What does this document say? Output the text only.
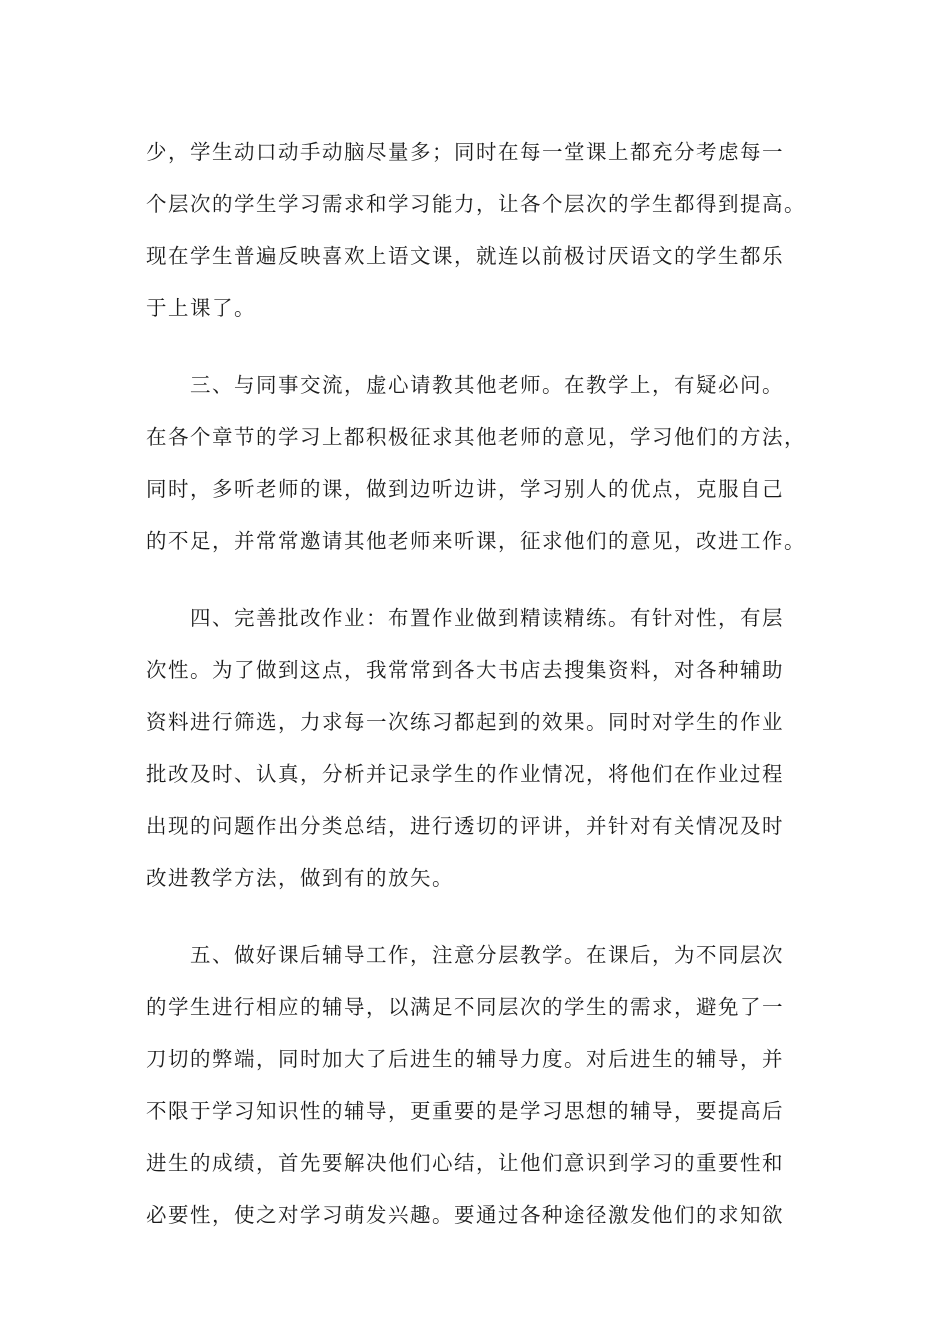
少，学生动口动手动脑尽量多；同时在每一堂课上都充分考虑每一
个层次的学生学习需求和学习能力，让各个层次的学生都得到提高。
现在学生普遍反映喜欢上语文课，就连以前极讨厌语文的学生都乐
于上课了。
三、与同事交流，虚心请教其他老师。在教学上，有疑必问。
在各个章节的学习上都积极征求其他老师的意见，学习他们的方法，
同时，多听老师的课，做到边听边讲，学习别人的优点，克服自己
的不足，并常常邀请其他老师来听课，征求他们的意见，改进工作。
四、完善批改作业：布置作业做到精读精练。有针对性，有层
次性。为了做到这点，我常常到各大书店去搜集资料，对各种辅助
资料进行筛选，力求每一次练习都起到的效果。同时对学生的作业
批改及时、认真，分析并记录学生的作业情况，将他们在作业过程
出现的问题作出分类总结，进行透切的评讲，并针对有关情况及时
改进教学方法，做到有的放矢。
五、做好课后辅导工作，注意分层教学。在课后，为不同层次
的学生进行相应的辅导，以满足不同层次的学生的需求，避免了一
刀切的弊端，同时加大了后进生的辅导力度。对后进生的辅导，并
不限于学习知识性的辅导，更重要的是学习思想的辅导，要提高后
进生的成绩，首先要解决他们心结，让他们意识到学习的重要性和
必要性，使之对学习萌发兴趣。要通过各种途径激发他们的求知欲
